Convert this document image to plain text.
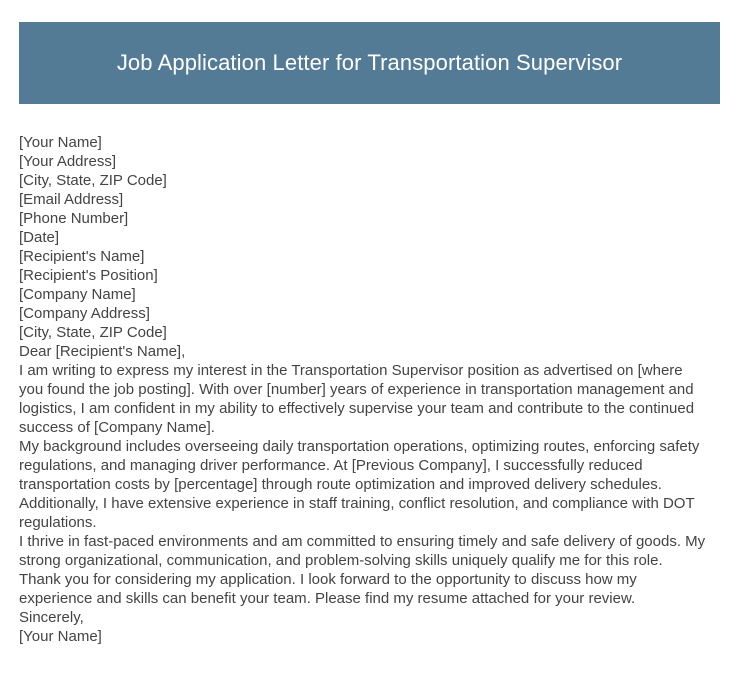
Job Application Letter for Transportation Supervisor
[Your Name]
[Your Address]
[City, State, ZIP Code]
[Email Address]
[Phone Number]
[Date]
[Recipient's Name]
[Recipient's Position]
[Company Name]
[Company Address]
[City, State, ZIP Code]
Dear [Recipient's Name],

I am writing to express my interest in the Transportation Supervisor position as advertised on [where you found the job posting]. With over [number] years of experience in transportation management and logistics, I am confident in my ability to effectively supervise your team and contribute to the continued success of [Company Name].

My background includes overseeing daily transportation operations, optimizing routes, enforcing safety regulations, and managing driver performance. At [Previous Company], I successfully reduced transportation costs by [percentage] through route optimization and improved delivery schedules. Additionally, I have extensive experience in staff training, conflict resolution, and compliance with DOT regulations.

I thrive in fast-paced environments and am committed to ensuring timely and safe delivery of goods. My strong organizational, communication, and problem-solving skills uniquely qualify me for this role.

Thank you for considering my application. I look forward to the opportunity to discuss how my experience and skills can benefit your team. Please find my resume attached for your review.

Sincerely,
[Your Name]
